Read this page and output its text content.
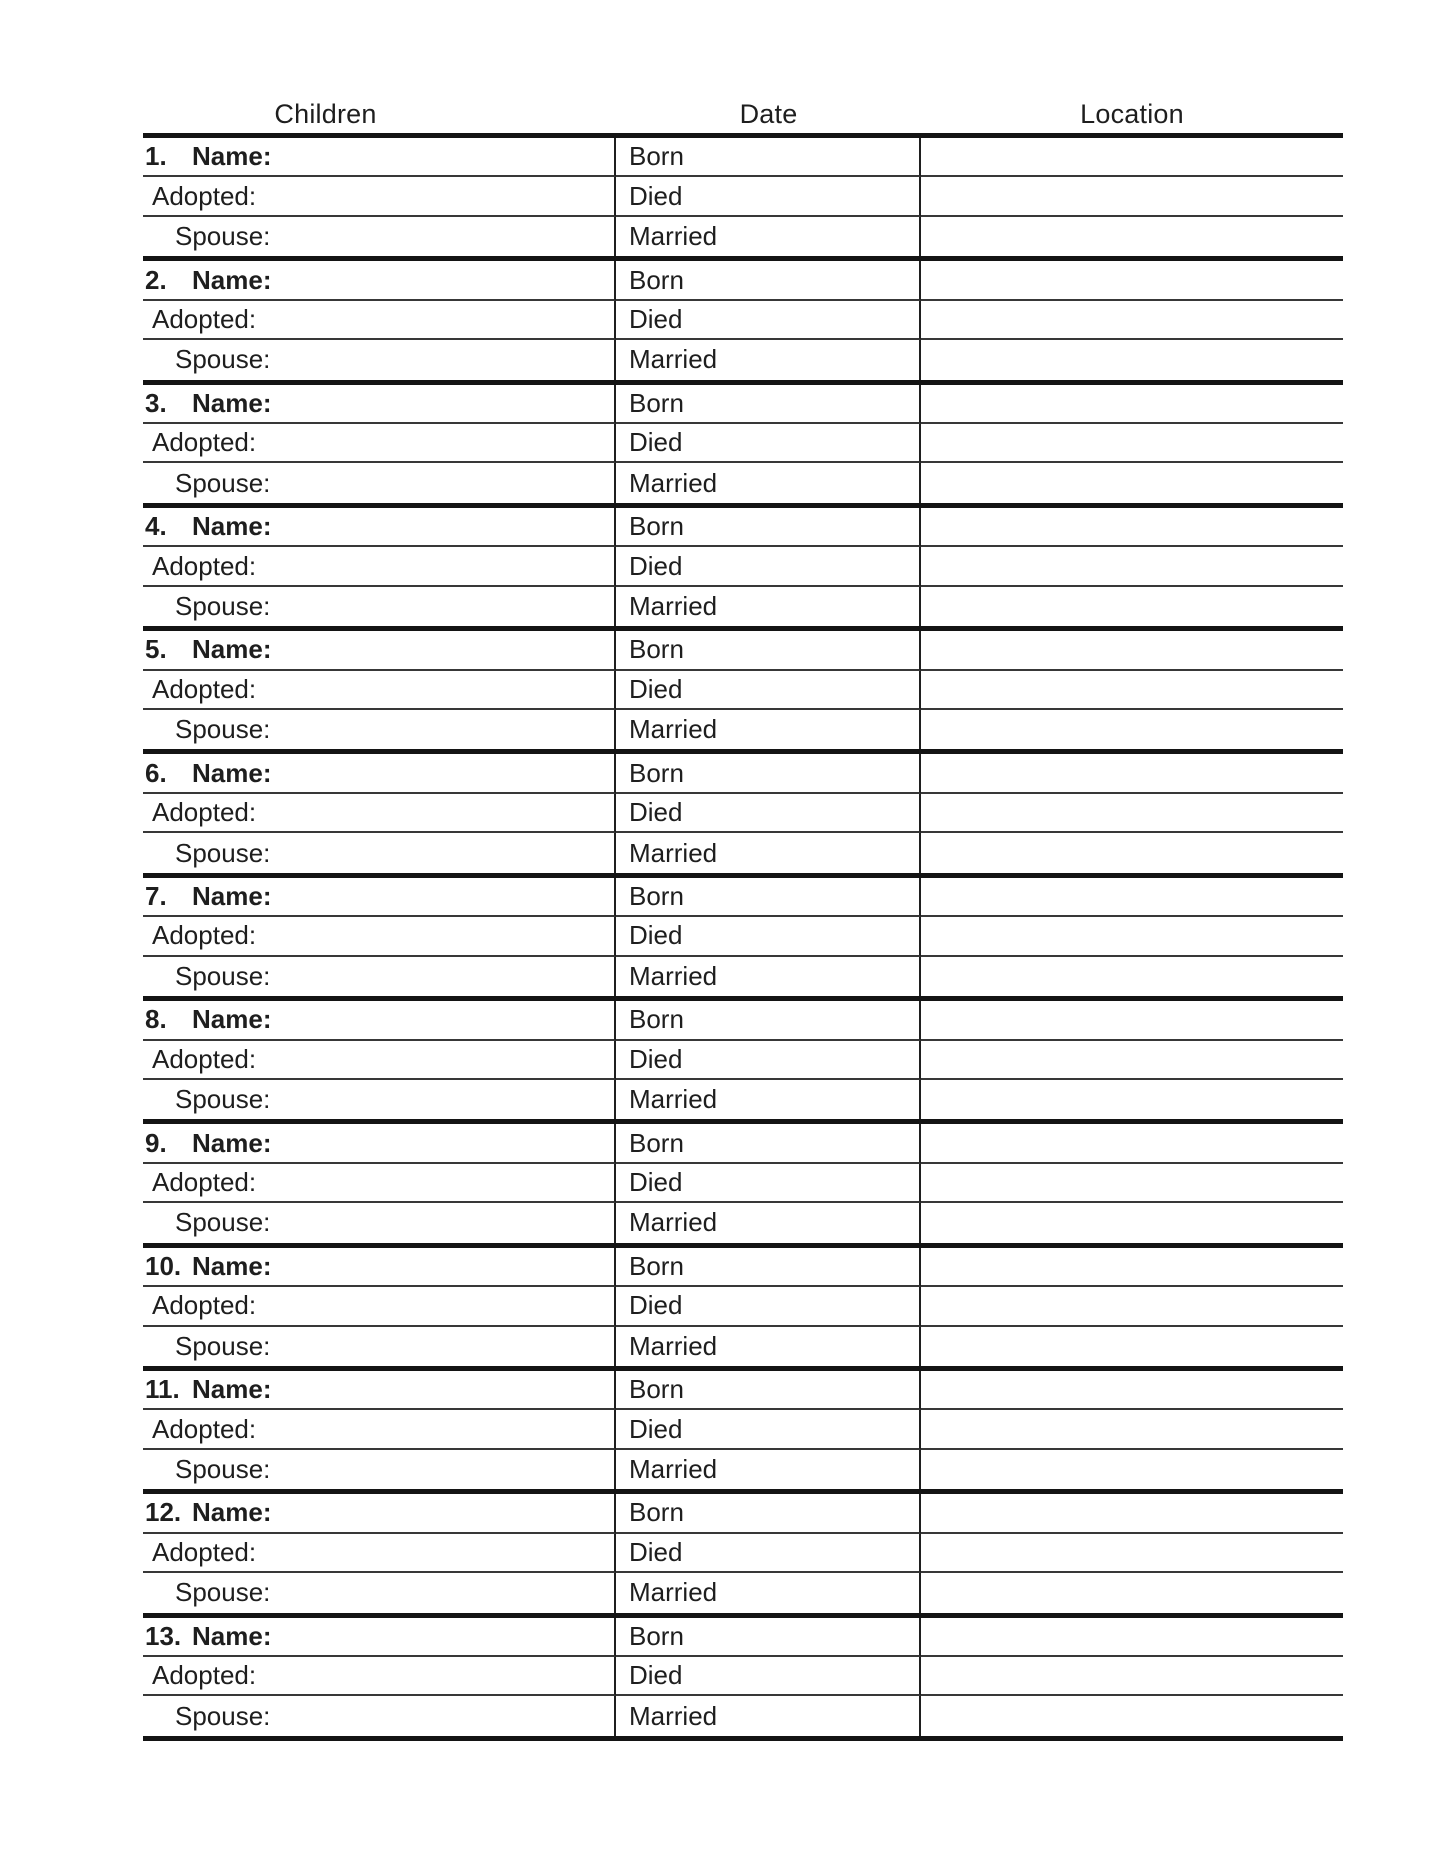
Children	Date	Location
1. Name:	Born
Adopted:	Died
Spouse:	Married
2. Name:	Born
Adopted:	Died
Spouse:	Married
3. Name:	Born
Adopted:	Died
Spouse:	Married
4. Name:	Born
Adopted:	Died
Spouse:	Married
5. Name:	Born
Adopted:	Died
Spouse:	Married
6. Name:	Born
Adopted:	Died
Spouse:	Married
7. Name:	Born
Adopted:	Died
Spouse:	Married
8. Name:	Born
Adopted:	Died
Spouse:	Married
9. Name:	Born
Adopted:	Died
Spouse:	Married
10. Name:	Born
Adopted:	Died
Spouse:	Married
11. Name:	Born
Adopted:	Died
Spouse:	Married
12. Name:	Born
Adopted:	Died
Spouse:	Married
13. Name:	Born
Adopted:	Died
Spouse:	Married
